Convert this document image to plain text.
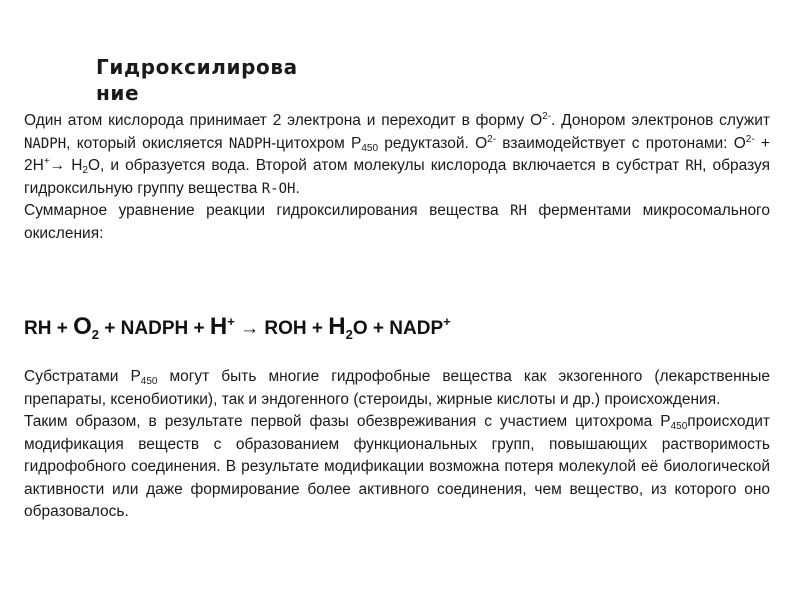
Гидроксилирова
ние

Один атом кислорода принимает 2 электрона и переходит в форму $О^{2-}$. Донором электронов служит NADPH, который окисляется NADPH-цитохром $Р_{450}$ редуктазой. $О^{2-}$ взаимодействует с протонами: $О^{2-} + 2Н^+\to Н_2О$, и образуется вода. Второй атом молекулы кислорода включается в субстрат RH, образуя гидроксильную группу вещества R-OH.

Суммарное уравнение реакции гидроксилирования вещества RH ферментами микросомального окисления:

RH + $O_2$ + NADPH + H+ → ROH + $H_2O$ + NADP+

Субстратами $Р_{450}$ могут быть многие гидрофобные вещества как экзогенного (лекарственные препараты, ксенобиотики), так и эндогенного (стероиды, жирные кислоты и др.) происхождения.

Таким образом, в результате первой фазы обезвреживания с участием цитохрома $Р_{450}происходит$ модификация веществ с образованием функциональных групп, повышающих растворимость гидрофобного соединения. В результате модификации возможна потеря молекулой её биологической активности или даже формирование более активного соединения, чем вещество, из которого оно образовалось.
